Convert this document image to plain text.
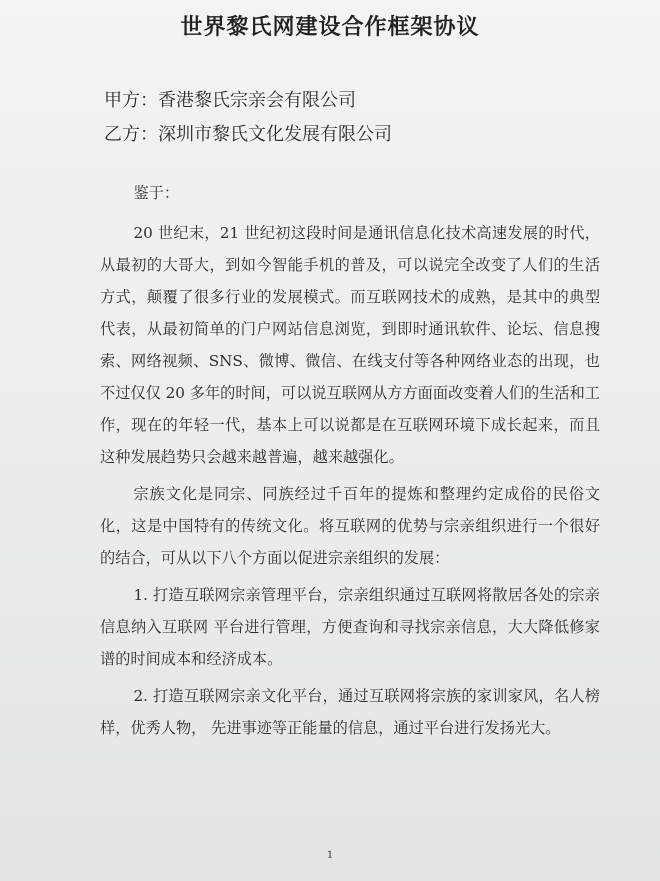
世界黎氏网建设合作框架协议
甲方：香港黎氏宗亲会有限公司
乙方：深圳市黎氏文化发展有限公司

鉴于：

20 世纪末，21 世纪初这段时间是通讯信息化技术高速发展的时代，从最初的大哥大，到如今智能手机的普及，可以说完全改变了人们的生活方式，颠覆了很多行业的发展模式。而互联网技术的成熟，是其中的典型代表，从最初简单的门户网站信息浏览，到即时通讯软件、论坛、信息搜索、网络视频、SNS、微博、微信、在线支付等各种网络业态的出现，也不过仅仅 20 多年的时间，可以说互联网从方方面面改变着人们的生活和工作，现在的年轻一代，基本上可以说都是在互联网环境下成长起来，而且这种发展趋势只会越来越普遍，越来越强化。

宗族文化是同宗、同族经过千百年的提炼和整理约定成俗的民俗文化，这是中国特有的传统文化。将互联网的优势与宗亲组织进行一个很好的结合，可从以下八个方面以促进宗亲组织的发展：

1. 打造互联网宗亲管理平台，宗亲组织通过互联网将散居各处的宗亲信息纳入互联网 平台进行管理，方便查询和寻找宗亲信息，大大降低修家谱的时间成本和经济成本。

2. 打造互联网宗亲文化平台，通过互联网将宗族的家训家风，名人榜样，优秀人物， 先进事迹等正能量的信息，通过平台进行发扬光大。

1
